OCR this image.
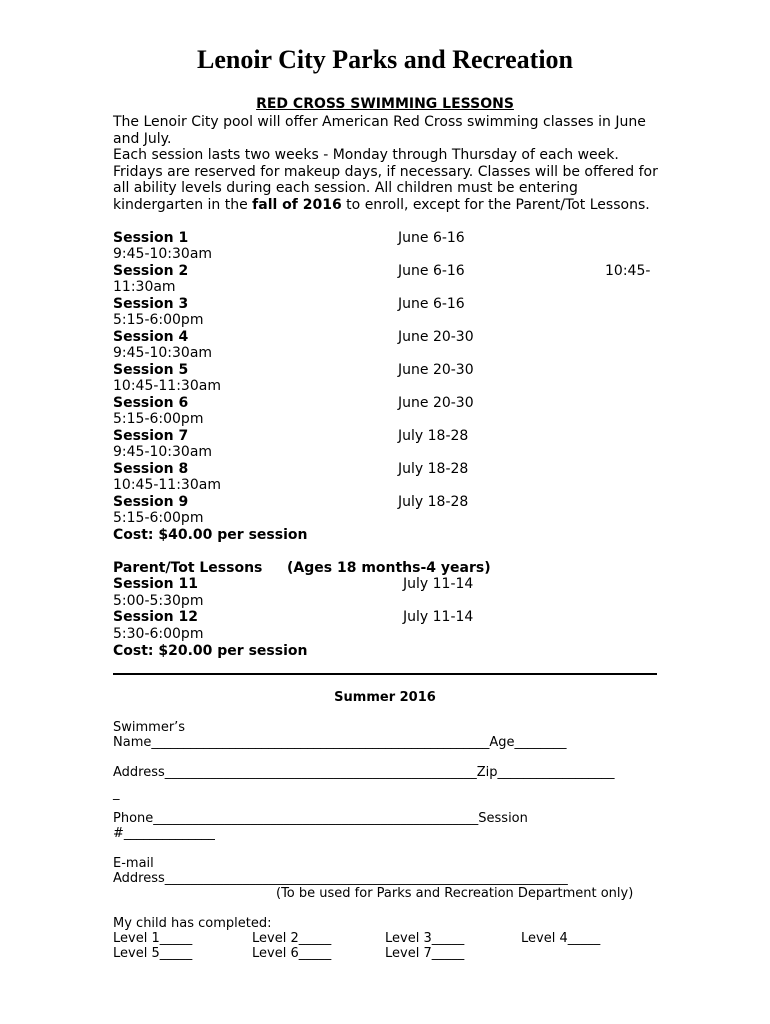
Lenoir City Parks and Recreation
RED CROSS SWIMMING LESSONS
The Lenoir City pool will offer American Red Cross swimming classes in June
and July.
Each session lasts two weeks - Monday through Thursday of each week.
Fridays are reserved for makeup days, if necessary. Classes will be offered for
all ability levels during each session. All children must be entering
kindergarten in the fall of 2016 to enroll, except for the Parent/Tot Lessons.
Session 1	June 6-16
9:45-10:30am
Session 2	June 6-16	10:45-
11:30am
Session 3	June 6-16
5:15-6:00pm
Session 4	June 20-30
9:45-10:30am
Session 5	June 20-30
10:45-11:30am
Session 6	June 20-30
5:15-6:00pm
Session 7	July 18-28
9:45-10:30am
Session 8	July 18-28
10:45-11:30am
Session 9	July 18-28
5:15-6:00pm
Cost: $40.00 per session
Parent/Tot Lessons (Ages 18 months-4 years)
Session 11	July 11-14
5:00-5:30pm
Session 12	July 11-14
5:30-6:00pm
Cost: $20.00 per session
Summer 2016
Swimmer’s
Name____________________________________________________Age________
Address________________________________________________Zip__________________
_
Phone__________________________________________________Session
#______________
E-mail
Address______________________________________________________________
(To be used for Parks and Recreation Department only)
My child has completed:
Level 1_____	Level 2_____	Level 3_____	Level 4_____
Level 5_____	Level 6_____	Level 7_____
